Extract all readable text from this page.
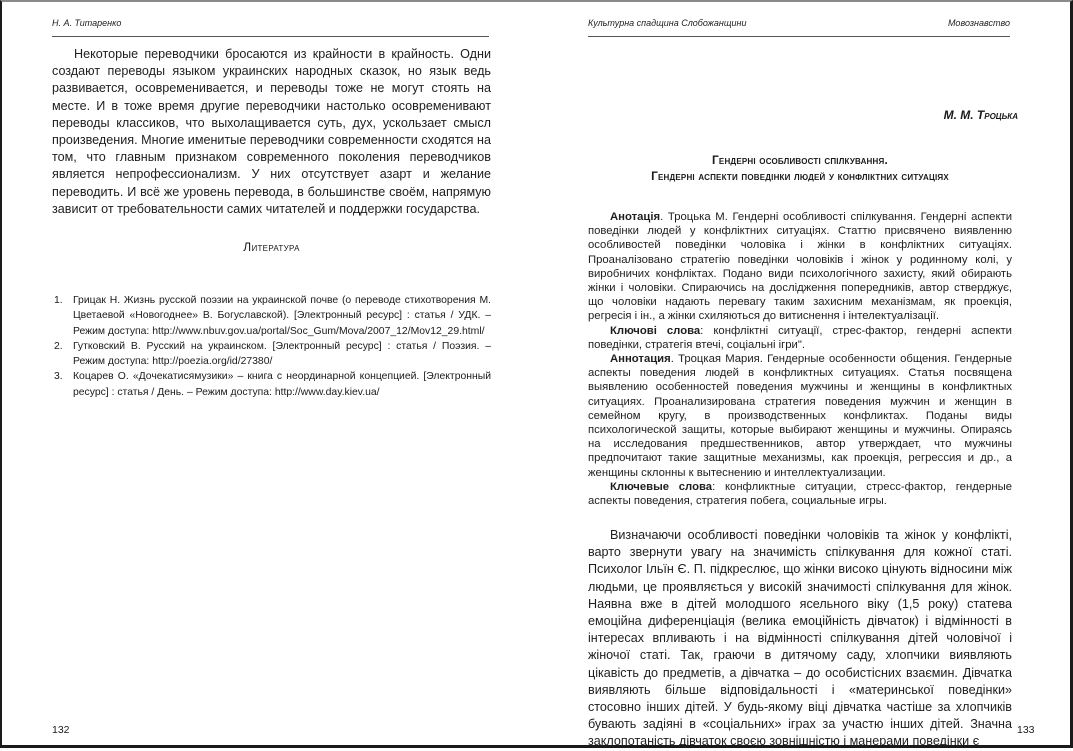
Н. А. Титаренко

Некоторые переводчики бросаются из крайности в крайность. Одни создают переводы языком украинских народных сказок, но язык ведь развивается, осовременивается, и переводы тоже не могут стоять на месте. И в тоже время другие переводчики настолько осовременивают переводы классиков, что выхолащивается суть, дух, ускользает смысл произведения. Многие именитые переводчики современности сходятся на том, что главным признаком современного поколения переводчиков является непрофессионализм. У них отсутствует азарт и желание переводить. И всё же уровень перевода, в большинстве своём, напрямую зависит от требовательности самих читателей и поддержки государства.

Литература
1. Грицак Н. Жизнь русской поэзии на украинской почве (о переводе стихотворения М. Цветаевой «Новогоднее» В. Богуславской). [Электронный ресурс] : статья / УДК. – Режим доступа: http://www.nbuv.gov.ua/portal/Soc_Gum/Mova/2007_12/Mov12_29.html/
2. Гутковский В. Русский на украинском. [Электронный ресурс] : статья / Поэзия. – Режим доступа: http://poezia.org/id/27380/
3. Коцарев О. «Дочекатисямузики» – книга с неординарной концепцией. [Электронный ресурс] : статья / День. – Режим доступа: http://www.day.kiev.ua/
132
Культурна спадщина Слобожанщини	Мовознавство
М. М. Троцька
Гендерні особливості спілкування.
Гендерні аспекти поведінки людей у конфліктних ситуаціях

Анотація. Троцька М. Гендерні особливості спілкування. Гендерні аспекти поведінки людей у конфліктних ситуаціях. Статтю присвячено виявленню особливостей поведінки чоловіка і жінки в конфліктних ситуаціях. Проаналізовано стратегію поведінки чоловіків і жінок у родинному колі, у виробничих конфліктах. Подано види психологічного захисту, який обирають жінки і чоловіки. Спираючись на дослідження попередників, автор стверджує, що чоловіки надають перевагу таким захисним механізмам, як проекція, регресія і ін., а жінки схиляються до витиснення і інтелектуалізації.

Ключові слова: конфліктні ситуації, стрес-фактор, гендерні аспекти поведінки, стратегія втечі, соціальні ігри".

Аннотация. Троцкая Мария. Гендерные особенности общения. Гендерные аспекты поведения людей в конфликтных ситуациях. Статья посвящена выявлению особенностей поведения мужчины и женщины в конфликтных ситуациях. Проанализирована стратегия поведения мужчин и женщин в семейном кругу, в производственных конфликтах. Поданы виды психологической защиты, которые выбирают женщины и мужчины. Опираясь на исследования предшественников, автор утверждает, что мужчины предпочитают такие защитные механизмы, как проекція, регрессия и др., а женщины склонны к вытеснению и интеллектуализации.

Ключевые слова: конфликтные ситуации, стресс-фактор, гендерные аспекты поведения, стратегия побега, социальные игры.

Визначаючи особливості поведінки чоловіків та жінок у конфлікті, варто звернути увагу на значимість спілкування для кожної статі. Психолог Ільїн Є. П. підкреслює, що жінки високо цінують відносини між людьми, це проявляється у високій значимості спілкування для жінок. Наявна вже в дітей молодшого ясельного віку (1,5 року) статева емоційна диференціація (велика емоційність дівчаток) і відмінності в інтересах впливають і на відмінності спілкування дітей чоловічої і жіночої статі. Так, граючи в дитячому саду, хлопчики виявляють цікавість до предметів, а дівчатка – до особистісних взаємин. Дівчатка виявляють більше відповідальності і «материнської поведінки» стосовно інших дітей. У будь-якому віці дівчатка частіше за хлопчиків бувають задіяні в «соціальних» іграх за участю інших дітей. Значна заклопотаність дівчаток своєю зовнішністю і манерами поведінки є

133
